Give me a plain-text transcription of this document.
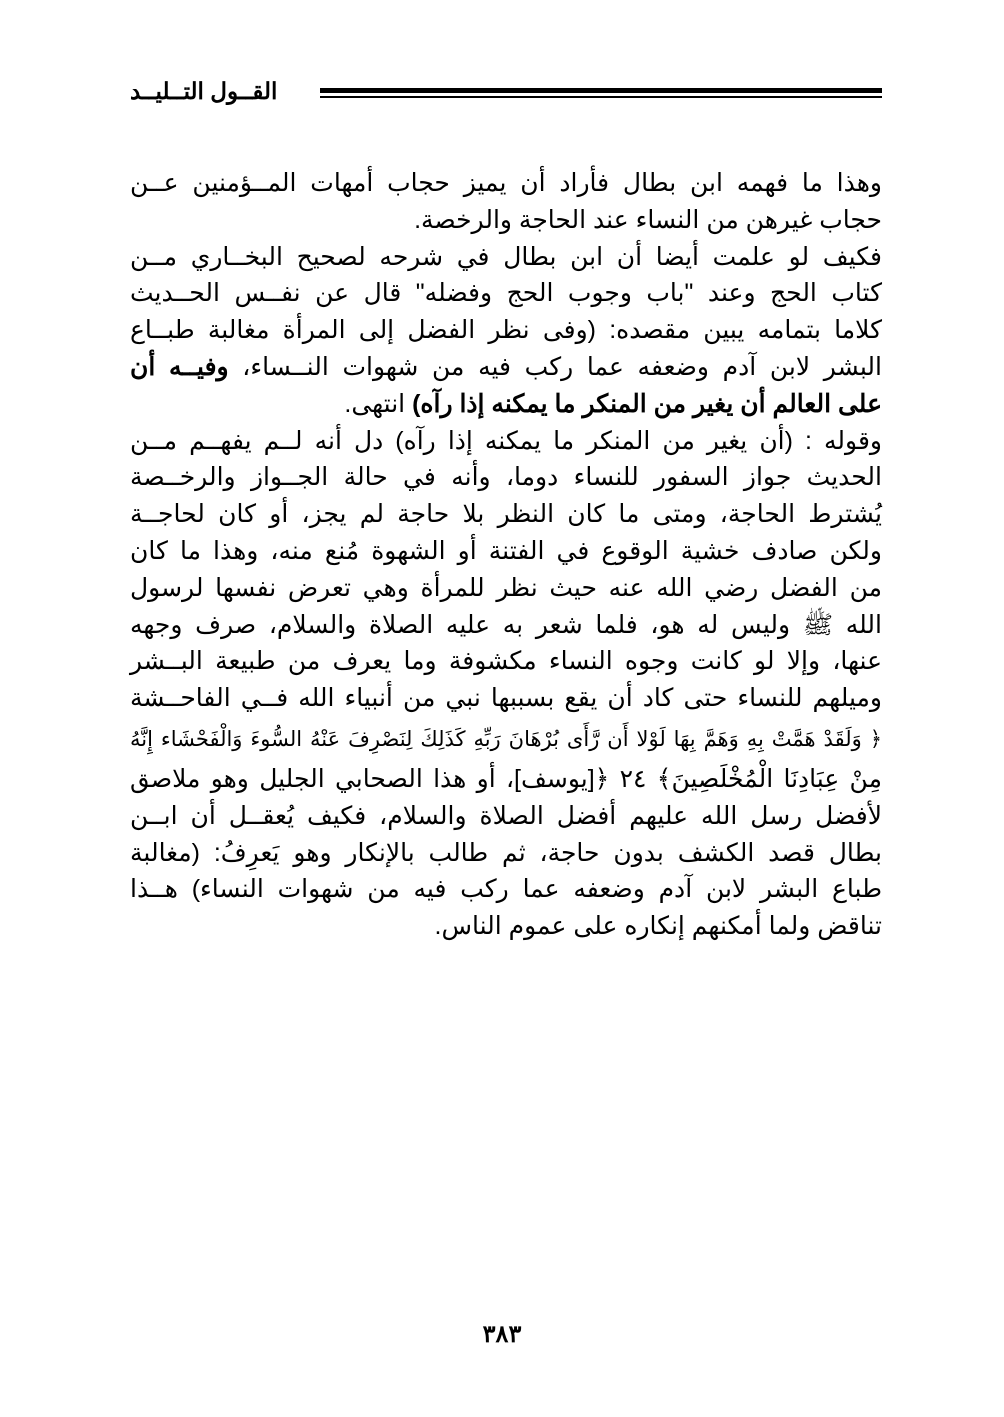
القــول التــليــد
وهذا ما فهمه ابن بطال فأراد أن يميز حجاب أمهات المــؤمنين عــن
حجاب غيرهن من النساء عند الحاجة والرخصة.
فكيف لو علمت أيضا أن ابن بطال في شرحه لصحيح البخــاري مــن
كتاب الحج وعند "باب وجوب الحج وفضله" قال عن نفــس الحــديث
كلاما بتمامه يبين مقصده: (وفى نظر الفضل إلى المرأة مغالبة طبــاع
البشر لابن آدم وضعفه عما ركب فيه من شهوات النــساء، وفيــه أن
على العالم أن يغير من المنكر ما يمكنه إذا رآه) انتهى.
وقوله : (أن يغير من المنكر ما يمكنه إذا رآه) دل أنه لــم يفهــم مــن
الحديث جواز السفور للنساء دوما، وأنه في حالة الجــواز والرخــصة
يُشترط الحاجة، ومتى ما كان النظر بلا حاجة لم يجز، أو كان لحاجــة
ولكن صادف خشية الوقوع في الفتنة أو الشهوة مُنع منه، وهذا ما كان
من الفضل رضي الله عنه حيث نظر للمرأة وهي تعرض نفسها لرسول
الله ﷺ وليس له هو، فلما شعر به عليه الصلاة والسلام، صرف وجهه
عنها، وإلا لو كانت وجوه النساء مكشوفة وما يعرف من طبيعة البــشر
وميلهم للنساء حتى كاد أن يقع بسببها نبي من أنبياء الله فــي الفاحــشة
﴿ وَلَقَدْ هَمَّتْ بِهِ وَهَمَّ بِهَا لَوْلا أَن رَّأَى بُرْهَانَ رَبِّهِ كَذَلِكَ لِنَصْرِفَ عَنْهُ السُّوءَ وَالْفَحْشَاء إِنَّهُ
مِنْ عِبَادِنَا الْمُخْلَصِينَ﴾ ٢٤ ﴿[يوسف]، أو هذا الصحابي الجليل وهو ملاصق
لأفضل رسل الله عليهم أفضل الصلاة والسلام، فكيف يُعقــل أن ابــن
بطال قصد الكشف بدون حاجة، ثم طالب بالإنكار وهو يَعرِفُ: (مغالبة
طباع البشر لابن آدم وضعفه عما ركب فيه من شهوات النساء) هــذا
تناقض ولما أمكنهم إنكاره على عموم الناس.
٣٨٣
